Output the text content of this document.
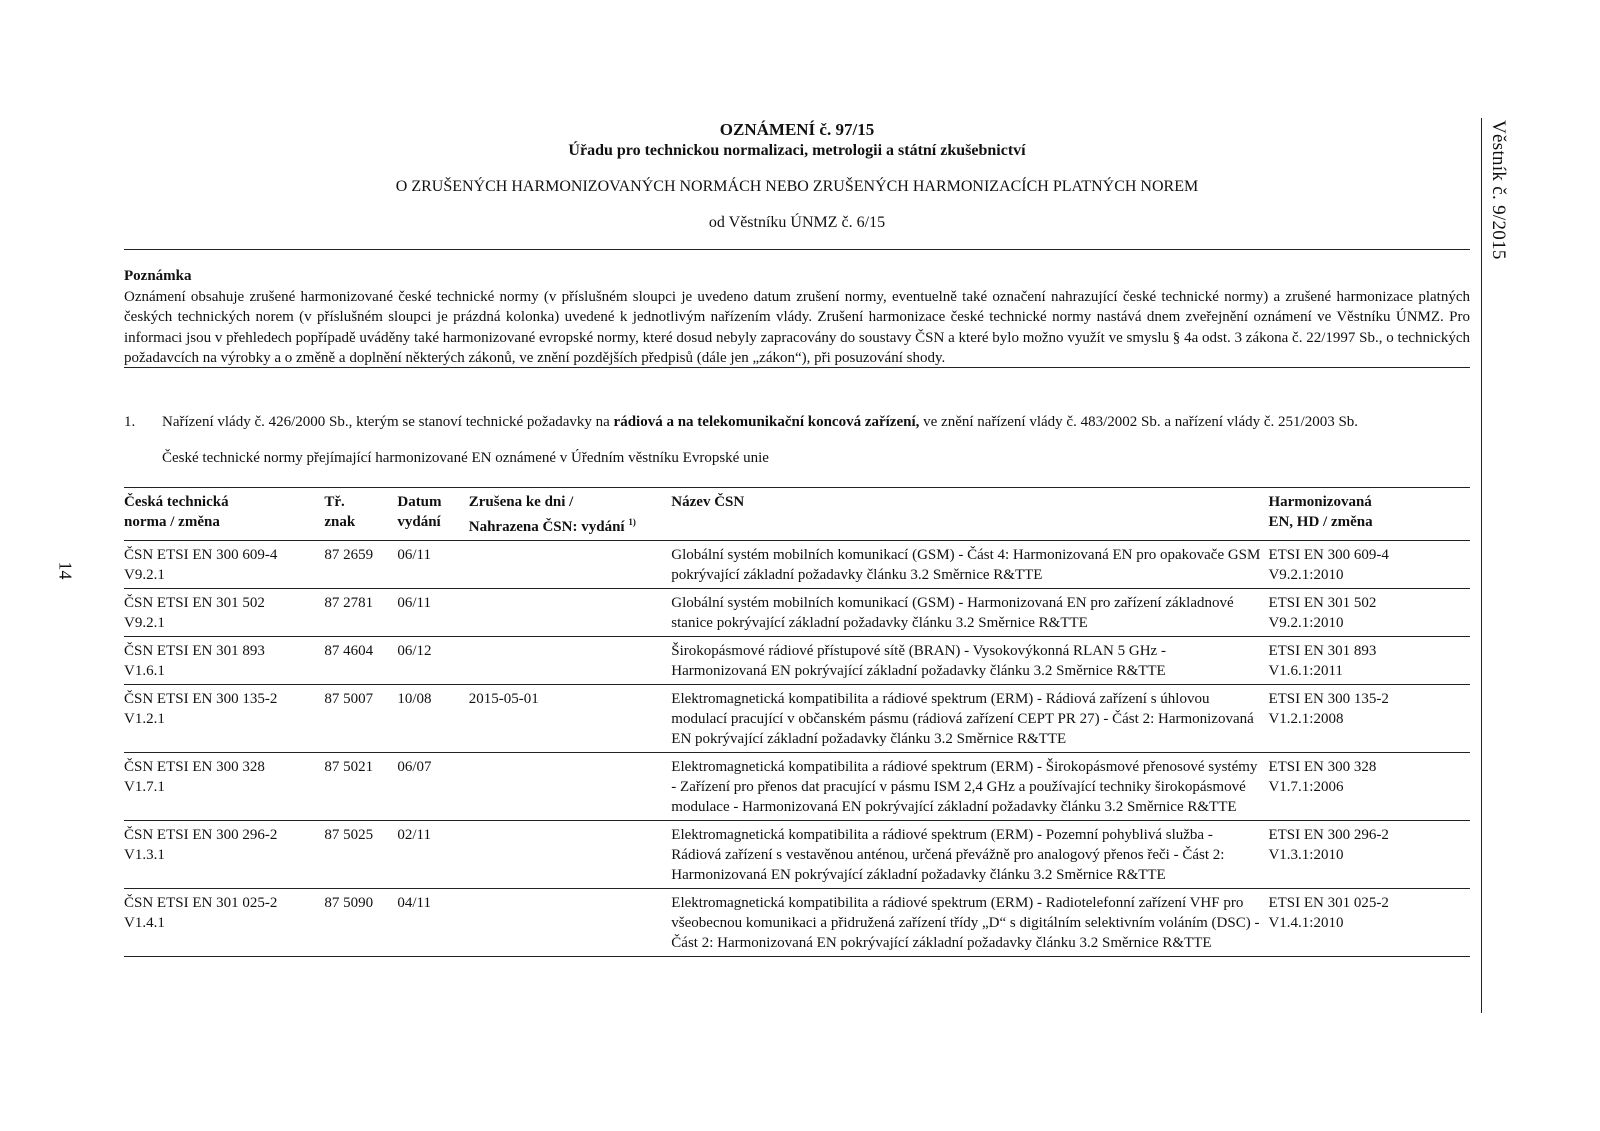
14
Věstník č. 9/2015
OZNÁMENÍ č. 97/15
Úřadu pro technickou normalizaci, metrologii a státní zkušebnictví
O ZRUŠENÝCH HARMONIZOVANÝCH NORMÁCH NEBO ZRUŠENÝCH HARMONIZACÍCH PLATNÝCH NOREM
od Věstníku ÚNMZ č. 6/15
Poznámka
Oznámení obsahuje zrušené harmonizované české technické normy (v příslušném sloupci je uvedeno datum zrušení normy, eventuelně také označení nahrazující české technické normy) a zrušené harmonizace platných českých technických norem (v příslušném sloupci je prázdná kolonka) uvedené k jednotlivým nařízením vlády. Zrušení harmonizace české technické normy nastává dnem zveřejnění oznámení ve Věstníku ÚNMZ. Pro informaci jsou v přehledech popřípadě uváděny také harmonizované evropské normy, které dosud nebyly zapracovány do soustavy ČSN a které bylo možno využít ve smyslu § 4a odst. 3 zákona č. 22/1997 Sb., o technických požadavcích na výrobky a o změně a doplnění některých zákonů, ve znění pozdějších předpisů (dále jen „zákon“), při posuzování shody.
1. Nařízení vlády č. 426/2000 Sb., kterým se stanoví technické požadavky na rádiová a na telekomunikační koncová zařízení, ve znění nařízení vlády č. 483/2002 Sb. a nařízení vlády č. 251/2003 Sb.
České technické normy přejímající harmonizované EN oznámené v Úředním věstníku Evropské unie
Česká technická
norma / změna	Tř.
znak	Datum
vydání	Zrušena ke dni /
Nahrazena ČSN: vydání $^{1)}$	Název ČSN	Harmonizovaná
EN, HD / změna
ČSN ETSI EN 300 609-4
V9.2.1	87 2659	06/11		Globální systém mobilních komunikací (GSM) - Část 4: Harmonizovaná EN pro opakovače GSM pokrývající základní požadavky článku 3.2 Směrnice R&TTE	ETSI EN 300 609-4
V9.2.1:2010
ČSN ETSI EN 301 502
V9.2.1	87 2781	06/11		Globální systém mobilních komunikací (GSM) - Harmonizovaná EN pro zařízení základnové stanice pokrývající základní požadavky článku 3.2 Směrnice R&TTE	ETSI EN 301 502
V9.2.1:2010
ČSN ETSI EN 301 893
V1.6.1	87 4604	06/12		Širokopásmové rádiové přístupové sítě (BRAN) - Vysokovýkonná RLAN 5 GHz - Harmonizovaná EN pokrývající základní požadavky článku 3.2 Směrnice R&TTE	ETSI EN 301 893
V1.6.1:2011
ČSN ETSI EN 300 135-2
V1.2.1	87 5007	10/08	2015-05-01	Elektromagnetická kompatibilita a rádiové spektrum (ERM) - Rádiová zařízení s úhlovou modulací pracující v občanském pásmu (rádiová zařízení CEPT PR 27) - Část 2: Harmonizovaná EN pokrývající základní požadavky článku 3.2 Směrnice R&TTE	ETSI EN 300 135-2
V1.2.1:2008
ČSN ETSI EN 300 328
V1.7.1	87 5021	06/07		Elektromagnetická kompatibilita a rádiové spektrum (ERM) - Širokopásmové přenosové systémy - Zařízení pro přenos dat pracující v pásmu ISM 2,4 GHz a používající techniky širokopásmové modulace - Harmonizovaná EN pokrývající základní požadavky článku 3.2 Směrnice R&TTE	ETSI EN 300 328
V1.7.1:2006
ČSN ETSI EN 300 296-2
V1.3.1	87 5025	02/11		Elektromagnetická kompatibilita a rádiové spektrum (ERM) - Pozemní pohyblivá služba - Rádiová zařízení s vestavěnou anténou, určená převážně pro analogový přenos řeči - Část 2: Harmonizovaná EN pokrývající základní požadavky článku 3.2 Směrnice R&TTE	ETSI EN 300 296-2
V1.3.1:2010
ČSN ETSI EN 301 025-2
V1.4.1	87 5090	04/11		Elektromagnetická kompatibilita a rádiové spektrum (ERM) - Radiotelefonní zařízení VHF pro všeobecnou komunikaci a přidružená zařízení třídy „D“ s digitálním selektivním voláním (DSC) - Část 2: Harmonizovaná EN pokrývající základní požadavky článku 3.2 Směrnice R&TTE	ETSI EN 301 025-2
V1.4.1:2010
